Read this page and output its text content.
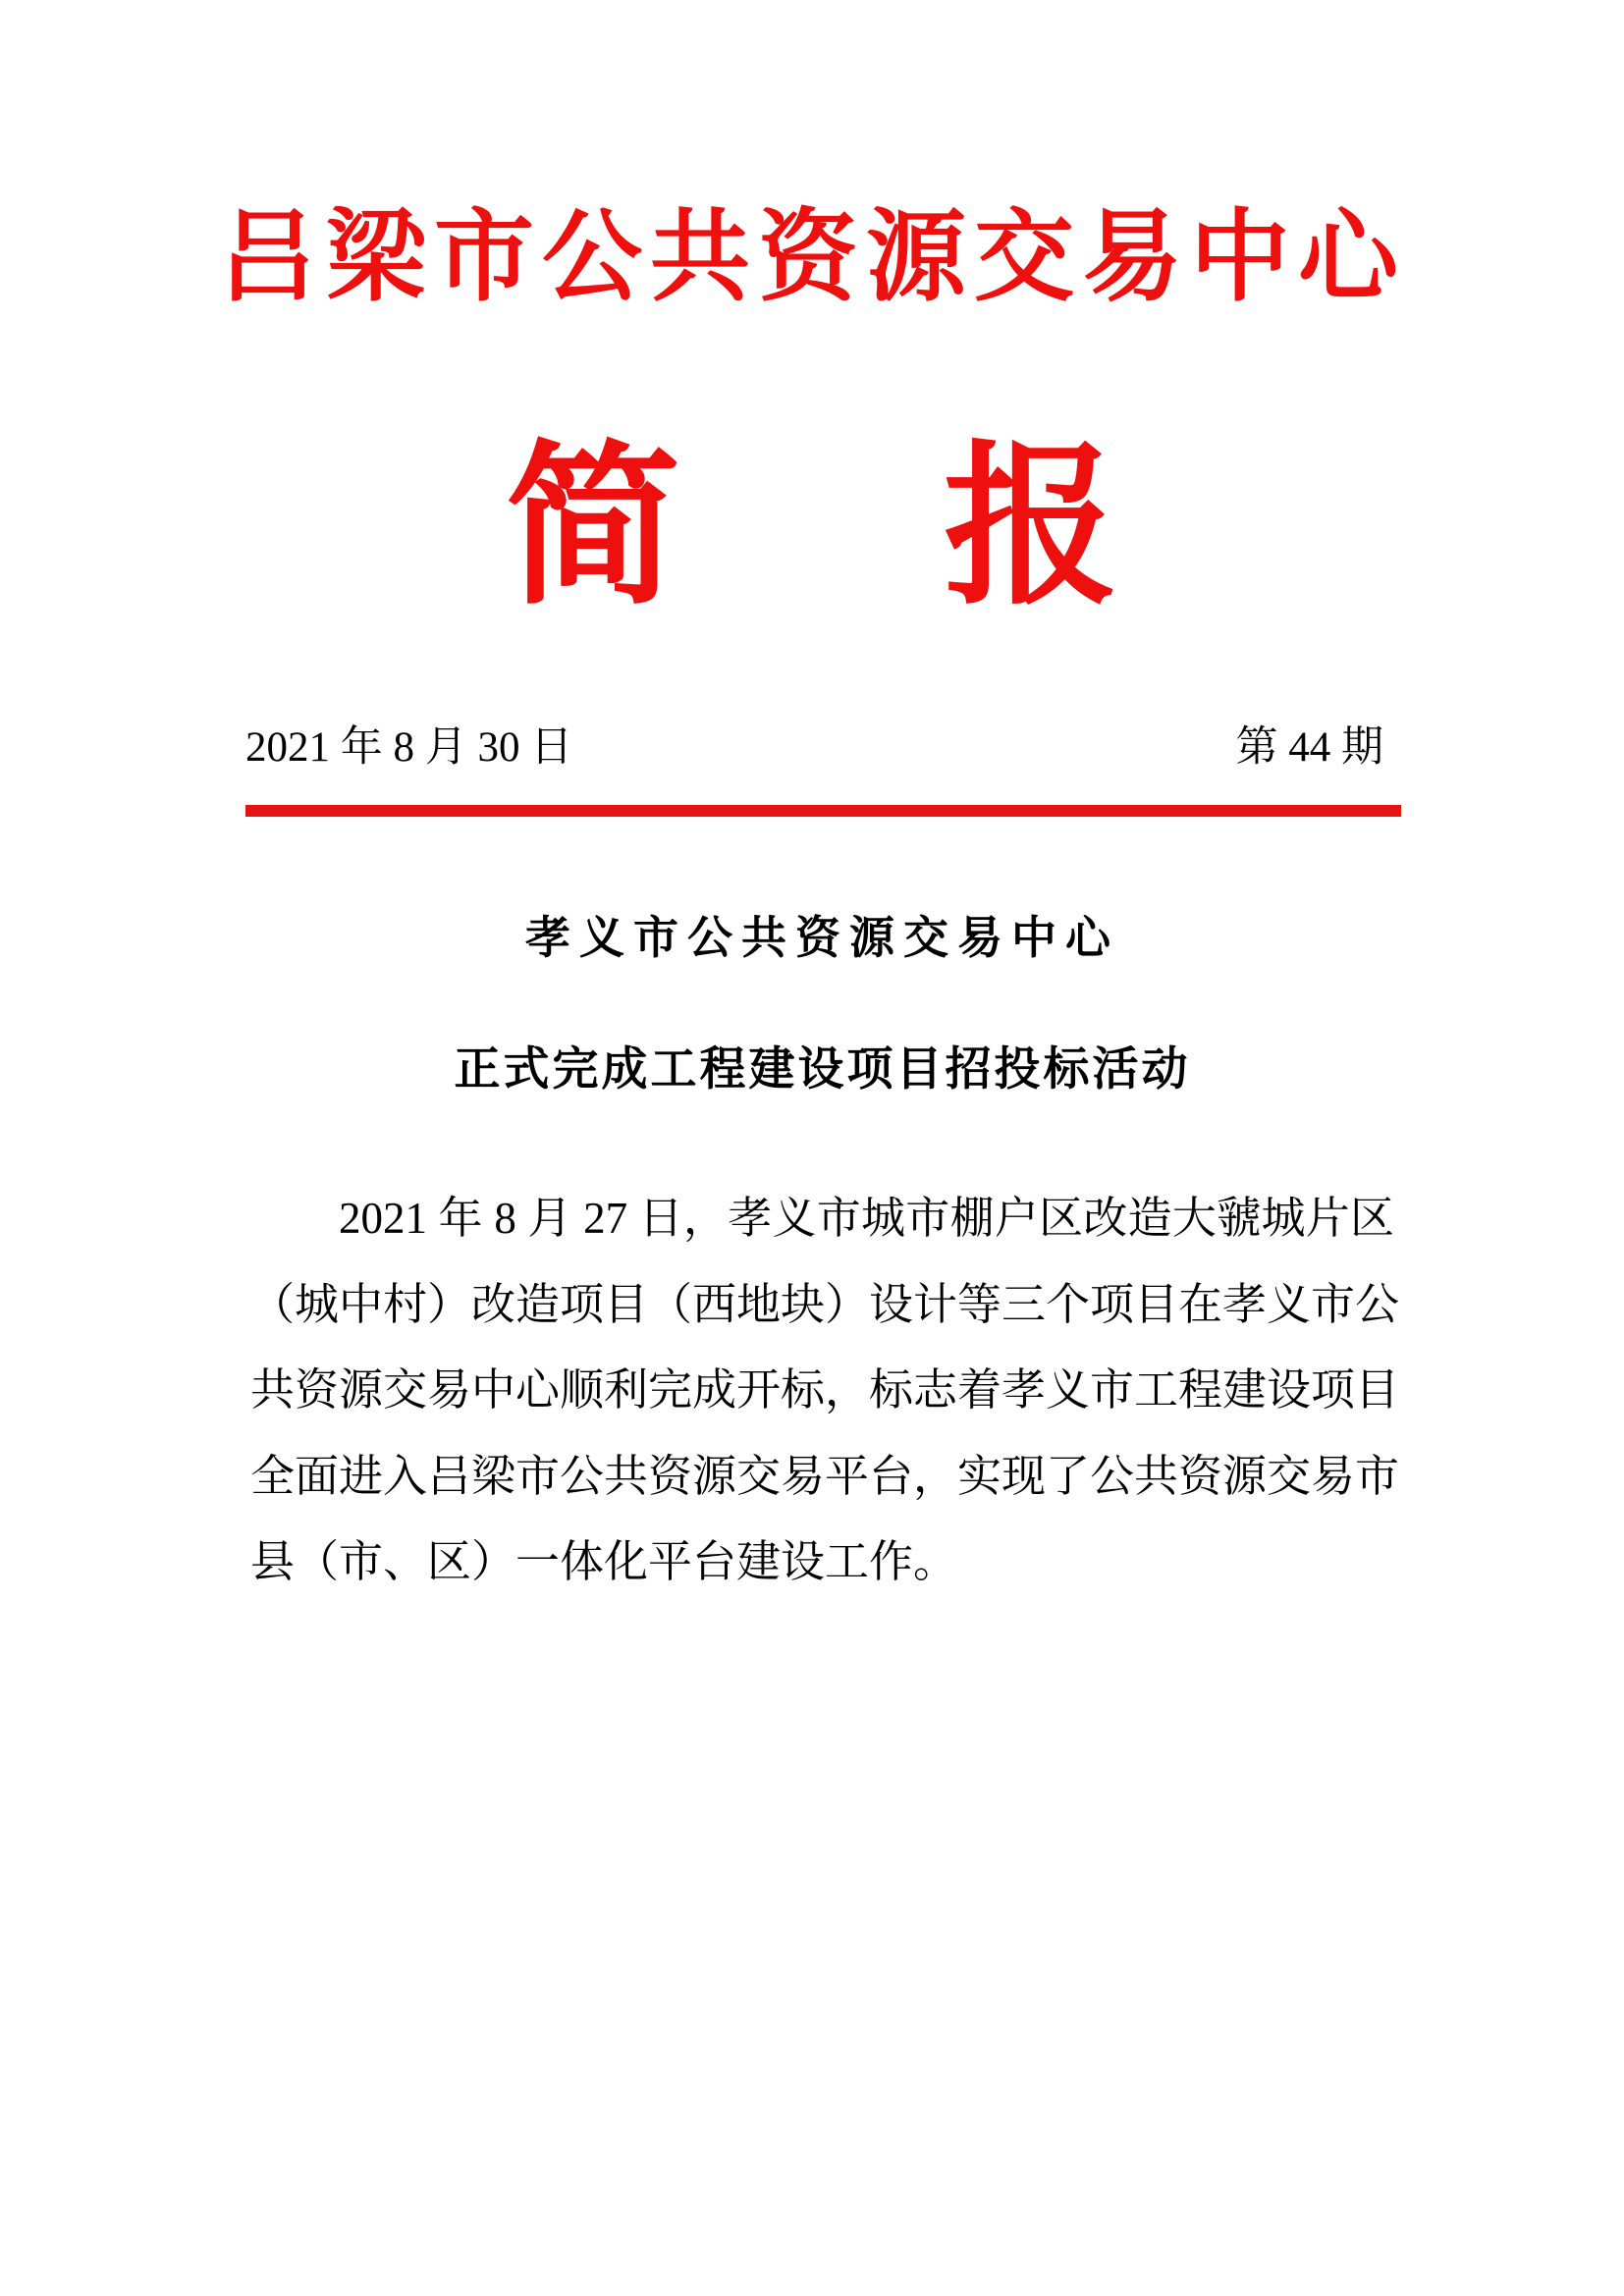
吕梁市公共资源交易中心
简 报
2021 年 8 月 30 日	第 44 期
孝义市公共资源交易中心
正式完成工程建设项目招投标活动
2021 年 8 月 27 日，孝义市城市棚户区改造大虢城片区
（城中村）改造项目（西地块）设计等三个项目在孝义市公
共资源交易中心顺利完成开标，标志着孝义市工程建设项目
全面进入吕梁市公共资源交易平台，实现了公共资源交易市
县（市、区）一体化平台建设工作。
